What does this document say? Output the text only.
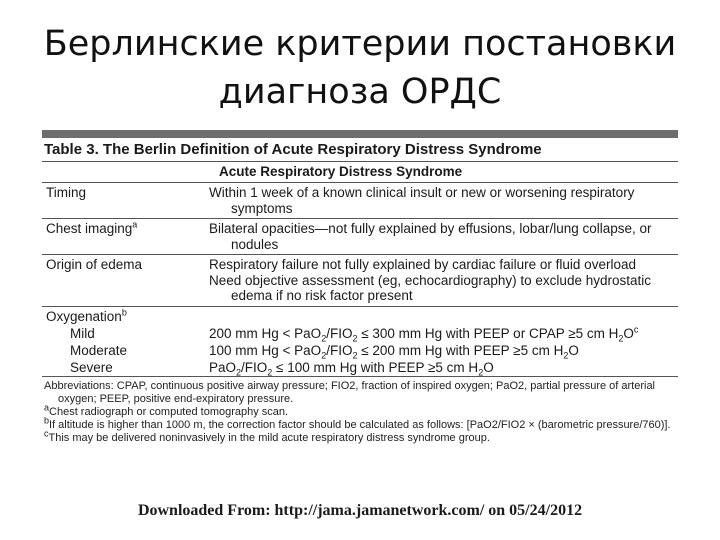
Берлинские критерии постановки
диагноза ОРДС
Table 3. The Berlin Definition of Acute Respiratory Distress Syndrome
Acute Respiratory Distress Syndrome
Timing	Within 1 week of a known clinical insult or new or worsening respiratory symptoms
Chest imaging$^a$	Bilateral opacities—not fully explained by effusions, lobar/lung collapse, or nodules
Origin of edema	Respiratory failure not fully explained by cardiac failure or fluid overload
Need objective assessment (eg, echocardiography) to exclude hydrostatic edema if no risk factor present
Oxygenation$^b$
Mild	200 mm $Hg < PaO_2/FIO_2 \le 300$ mm Hg with PEEP or CPAP ≥5 cm $H_2O^c$
Moderate	100 mm $Hg < PaO_2/FIO_2 \le 200$ mm Hg with PEEP ≥5 cm $H_2O$
Severe	$PaO_2/FIO_2 \le 100$ mm Hg with PEEP ≥5 cm $H_2O$
Abbreviations: CPAP, continuous positive airway pressure; FIO2, fraction of inspired oxygen; PaO2, partial pressure of arterial oxygen; PEEP, positive end-expiratory pressure.
$^a$Chest radiograph or computed tomography scan.
$^b$If altitude is higher than 1000 m, the correction factor should be calculated as follows: [PaO2/FIO2 × (barometric pressure/760)].
$^c$This may be delivered noninvasively in the mild acute respiratory distress syndrome group.
Downloaded From: http://jama.jamanetwork.com/ on 05/24/2012
